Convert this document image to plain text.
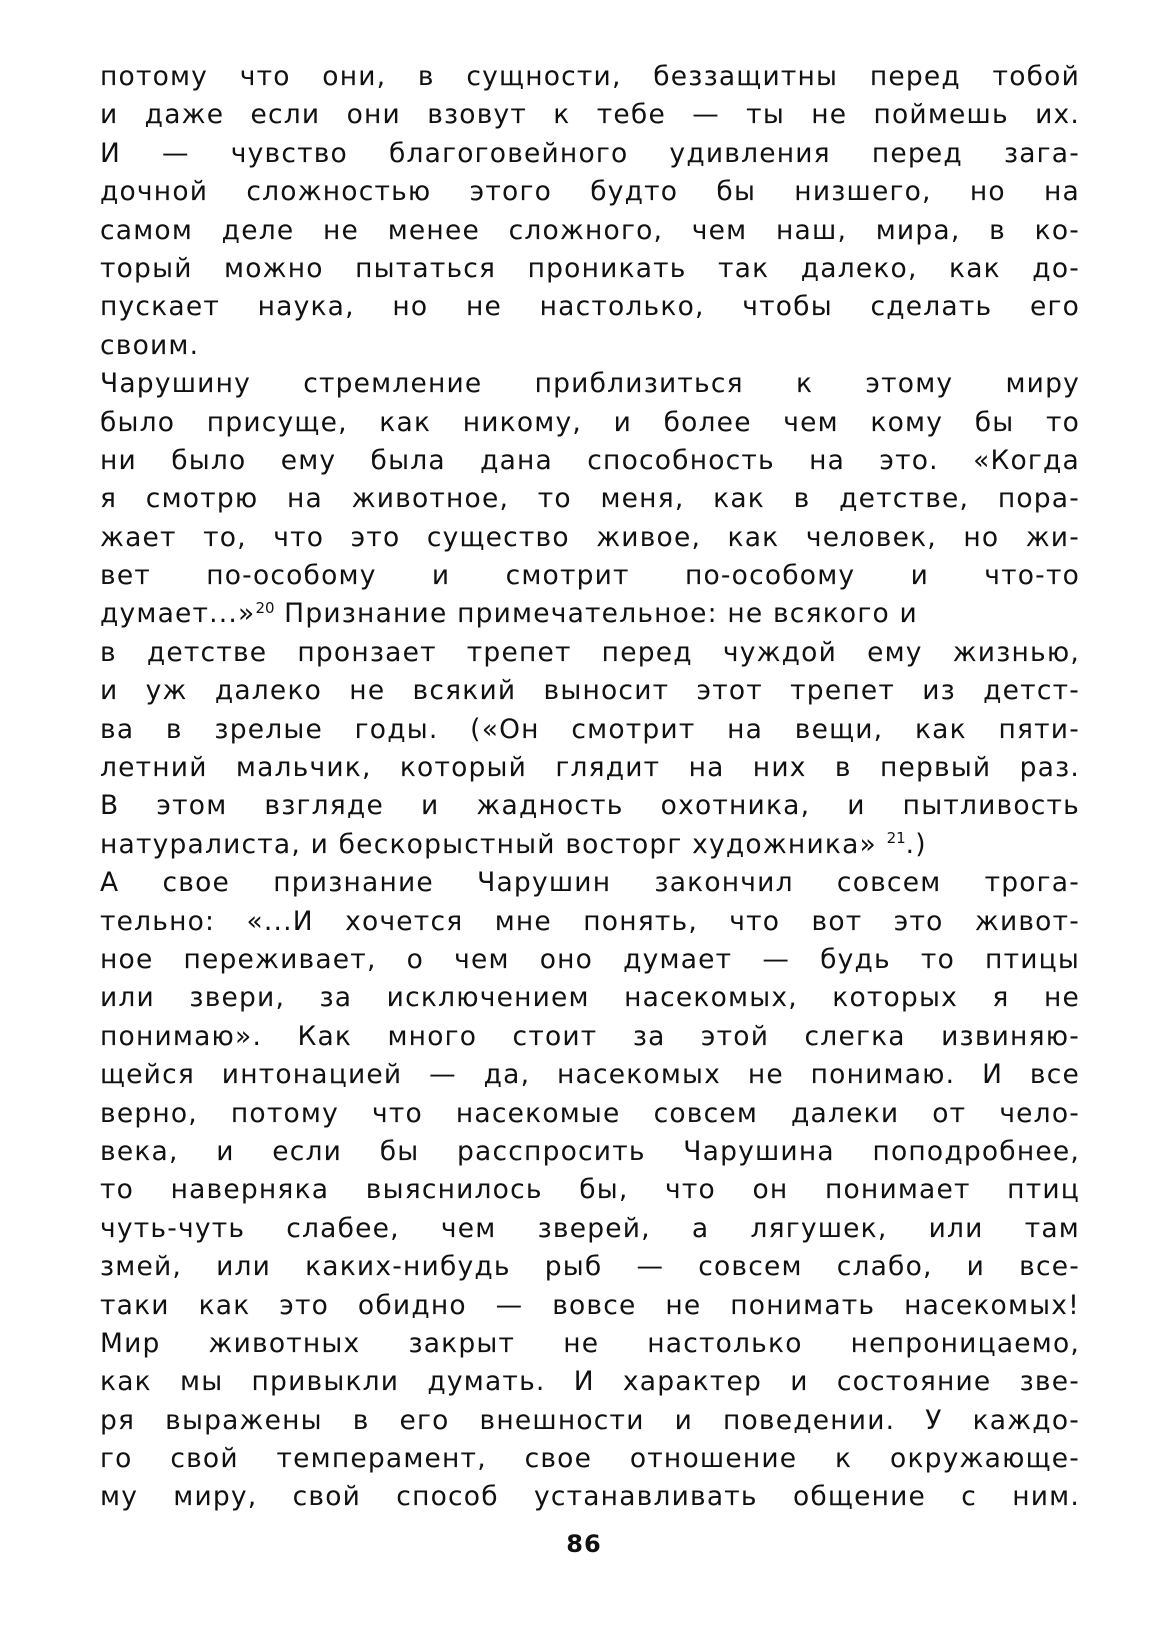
потому что они, в сущности, беззащитны перед тобой
и даже если они взовут к тебе — ты не поймешь их.
И — чувство благоговейного удивления перед зага-
дочной сложностью этого будто бы низшего, но на
самом деле не менее сложного, чем наш, мира, в ко-
торый можно пытаться проникать так далеко, как до-
пускает наука, но не настолько, чтобы сделать его
своим.
Чарушину стремление приблизиться к этому миру
было присуще, как никому, и более чем кому бы то
ни было ему была дана способность на это. «Когда
я смотрю на животное, то меня, как в детстве, пора-
жает то, что это существо живое, как человек, но жи-
вет по-особому и смотрит по-особому и что-то
думает...»$^{20}$ Признание примечательное: не всякого и
в детстве пронзает трепет перед чуждой ему жизнью,
и уж далеко не всякий выносит этот трепет из детст-
ва в зрелые годы. («Он смотрит на вещи, как пяти-
летний мальчик, который глядит на них в первый раз.
В этом взгляде и жадность охотника, и пытливость
натуралиста, и бескорыстный восторг художника» $^{21}$.)
А свое признание Чарушин закончил совсем трога-
тельно: «...И хочется мне понять, что вот это живот-
ное переживает, о чем оно думает — будь то птицы
или звери, за исключением насекомых, которых я не
понимаю». Как много стоит за этой слегка извиняю-
щейся интонацией — да, насекомых не понимаю. И все
верно, потому что насекомые совсем далеки от чело-
века, и если бы расспросить Чарушина поподробнее,
то наверняка выяснилось бы, что он понимает птиц
чуть-чуть слабее, чем зверей, а лягушек, или там
змей, или каких-нибудь рыб — совсем слабо, и все-
таки как это обидно — вовсе не понимать насекомых!
Мир животных закрыт не настолько непроницаемо,
как мы привыкли думать. И характер и состояние зве-
ря выражены в его внешности и поведении. У каждо-
го свой темперамент, свое отношение к окружающе-
му миру, свой способ устанавливать общение с ним.
86
